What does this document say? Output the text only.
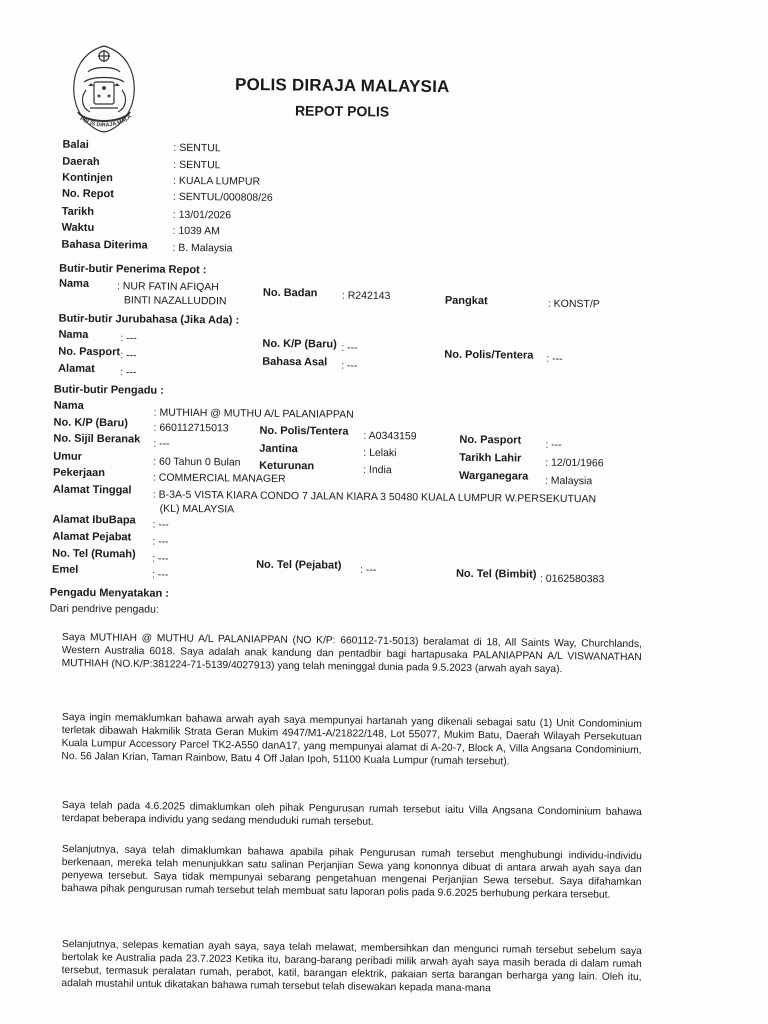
POLIS DIRAJA MALA
POLIS DIRAJA MALAYSIA
REPOT POLIS
Balai	: SENTUL
Daerah	: SENTUL
Kontinjen	: KUALA LUMPUR
No. Repot	: SENTUL/000808/26
Tarikh	: 13/01/2026
Waktu	: 1039 AM
Bahasa Diterima : B. Malaysia
Butir-butir Penerima Repot :
Nama	: NUR FATIN AFIQAH
BINTI NAZALLUDDIN
No. Badan : R242143	Pangkat	: KONST/P
Butir-butir Jurubahasa (Jika Ada) :
Nama	: ---
No. Pasport : ---
Alamat : ---
No. K/P (Baru) : ---
Bahasa Asal : ---
No. Polis/Tentera : ---
Butir-butir Pengadu :
Nama
: MUTHIAH @ MUTHU A/L PALANIAPPAN
No. K/P (Baru) : 660112715013	No. Polis/Tentera : A0343159	No. Pasport : ---
No. Sijil Beranak : ---	Jantina	: Lelaki	Tarikh Lahir : 12/01/1966
Umur	: 60 Tahun 0 Bulan Keturunan	: India	Warganegara : Malaysia
Pekerjaan	: COMMERCIAL MANAGER
Alamat Tinggal : B-3A-5 VISTA KIARA CONDO 7 JALAN KIARA 3 50480 KUALA LUMPUR W.PERSEKUTUAN
(KL) MALAYSIA
Alamat IbuBapa : ---
Alamat Pejabat : ---
No. Tel (Rumah) : ---
Emel	: ---
No. Tel (Pejabat) : ---	No. Tel (Bimbit) : 0162580383
Pengadu Menyatakan :
Dari pendrive pengadu:
Saya MUTHIAH @ MUTHU A/L PALANIAPPAN (NO K/P: 660112-71-5013) beralamat di 18, All Saints Way, Churchlands, Western Australia 6018. Saya adalah anak kandung dan pentadbir bagi hartapusaka PALANIAPPAN A/L VISWANATHAN MUTHIAH (NO.K/P:381224-71-5139/4027913) yang telah meninggal dunia pada 9.5.2023 (arwah ayah saya).
Saya ingin memaklumkan bahawa arwah ayah saya mempunyai hartanah yang dikenali sebagai satu (1) Unit Condominium terletak dibawah Hakmilik Strata Geran Mukim 4947/M1-A/21822/148, Lot 55077, Mukim Batu, Daerah Wilayah Persekutuan Kuala Lumpur Accessory Parcel TK2-A550 danA17, yang mempunyai alamat di A-20-7, Block A, Villa Angsana Condominium, No. 56 Jalan Krian, Taman Rainbow, Batu 4 Off Jalan Ipoh, 51100 Kuala Lumpur (rumah tersebut).
Saya telah pada 4.6.2025 dimaklumkan oleh pihak Pengurusan rumah tersebut iaitu Villa Angsana Condominium bahawa terdapat beberapa individu yang sedang menduduki rumah tersebut.
Selanjutnya, saya telah dimaklumkan bahawa apabila pihak Pengurusan rumah tersebut menghubungi individu-individu berkenaan, mereka telah menunjukkan satu salinan Perjanjian Sewa yang kononnya dibuat di antara arwah ayah saya dan penyewa tersebut. Saya tidak mempunyai sebarang pengetahuan mengenai Perjanjian Sewa tersebut. Saya difahamkan bahawa pihak pengurusan rumah tersebut telah membuat satu laporan polis pada 9.6.2025 berhubung perkara tersebut.
Selanjutnya, selepas kematian ayah saya, saya telah melawat, membersihkan dan mengunci rumah tersebut sebelum saya bertolak ke Australia pada 23.7.2023 Ketika itu, barang-barang peribadi milik arwah ayah saya masih berada di dalam rumah tersebut, termasuk peralatan rumah, perabot, katil, barangan elektrik, pakaian serta barangan berharga yang lain. Oleh itu, adalah mustahil untuk dikatakan bahawa rumah tersebut telah disewakan kepada mana-mana
